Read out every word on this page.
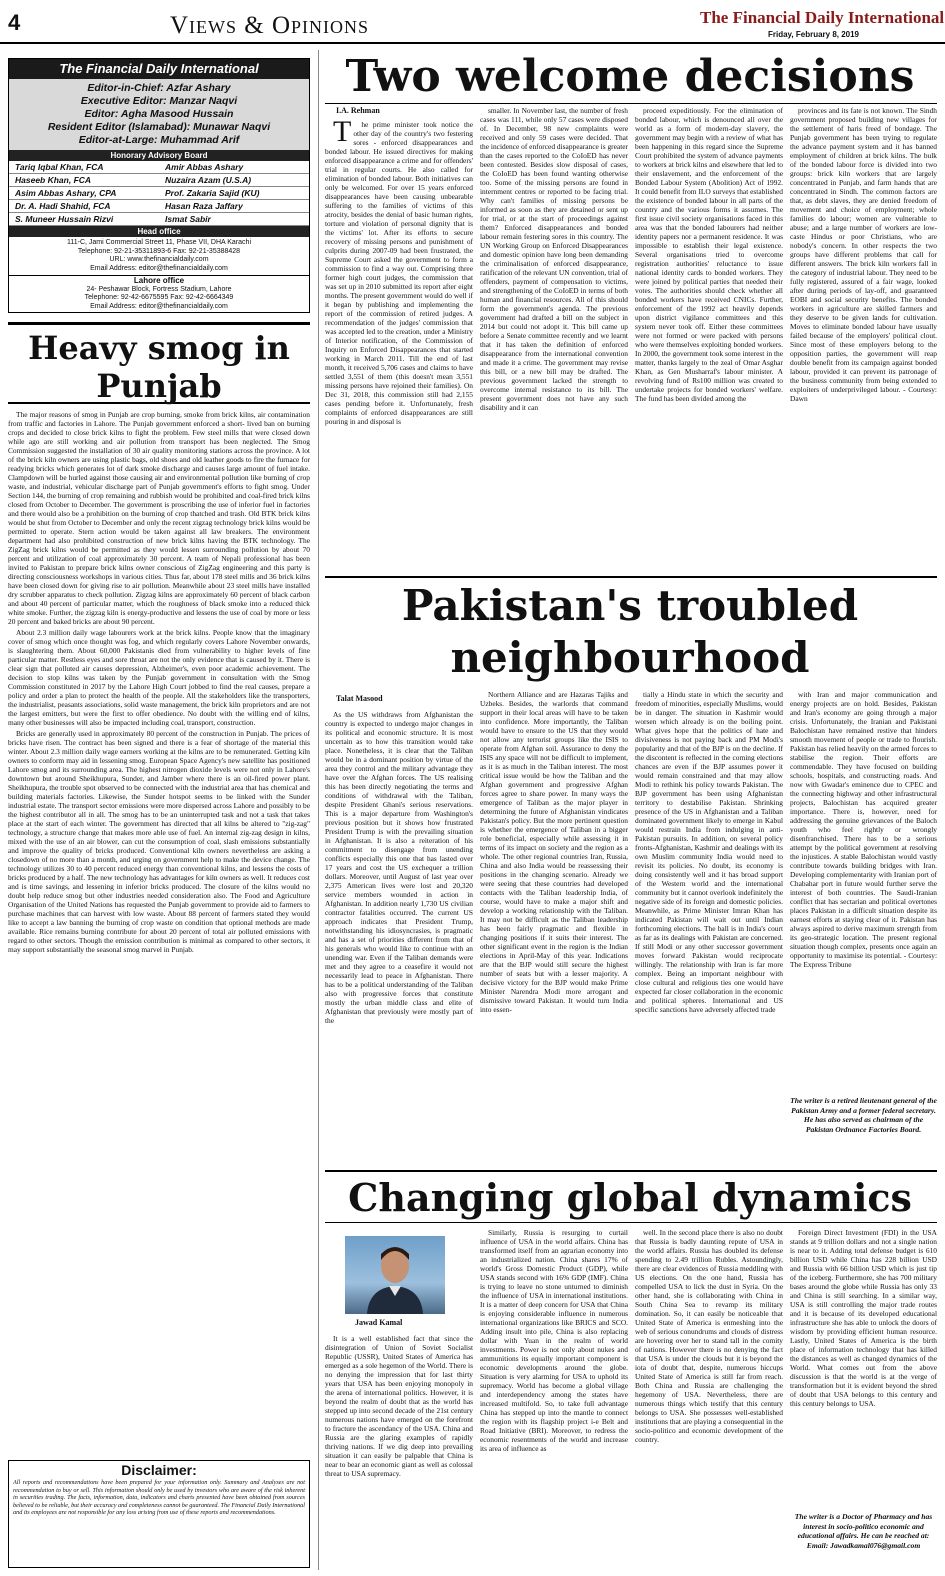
4	Views & Opinions	The Financial Daily International
Friday, February 8, 2019
The Financial Daily International
Editor-in-Chief: Azfar Ashary
Executive Editor: Manzar Naqvi
Editor: Agha Masood Hussain
Resident Editor (Islamabad): Munawar Naqvi
Editor-at-Large: Muhammad Arif
Honorary Advisory Board
Tariq Iqbal Khan, FCA	Amir Abbas Ashary
Haseeb Khan, FCA	Nuzaira Azam (U.S.A)
Asim Abbas Ashary, CPA	Prof. Zakaria Sajid (KU)
Dr. A. Hadi Shahid, FCA	Hasan Raza Jaffary
S. Muneer Hussain Rizvi	Ismat Sabir
Head office
111-C, Jami Commercial Street 11, Phase VII, DHA Karachi
Telephone: 92-21-35311893-6 Fax: 92-21-35388428
URL: www.thefinancialdaily.com
Email Address: editor@thefinancialdaily.com
Lahore office
24- Peshawar Block, Fortress Stadium, Lahore
Telephone: 92-42-6675595 Fax: 92-42-6664349
Email Address: editor@thefinancialdaily.com
Heavy smog in Punjab

The major reasons of smog in Punjab are crop burning, smoke from brick kilns, air contamination from traffic and factories in Lahore. The Punjab government enforced a short- lived ban on burning crops and decided to close brick kilns to fight the problem. Few steel mills that were closed down while ago are still working and air pollution from transport has been neglected. The Smog Commission suggested the installation of 30 air quality monitoring stations across the province. A lot of the brick kiln owners are using plastic bags, old shoes and old leather goods to fire the furnace for readying bricks which generates lot of dark smoke discharge and causes large amount of fuel intake. Clampdown will be hurled against those causing air and environmental pollution like burning of crop waste, and industrial, vehicular discharge part of Punjab government's efforts to fight smog. Under Section 144, the burning of crop remaining and rubbish would be prohibited and coal-fired brick kilns closed from October to December. The government is proscribing the use of inferior fuel in factories and there would also be a prohibition on the burning of crop thatched and trash. Old BTK brick kilns would be shut from October to December and only the recent zigzag technology brick kilns would be permitted to operate. Stern action would be taken against all law breakers. The environment department had also prohibited construction of new brick kilns having the BTK technology. The ZigZag brick kilns would be permitted as they would lessen surrounding pollution by about 70 percent and utilization of coal approximately 30 percent. A team of Nepali professional has been invited to Pakistan to prepare brick kilns owner conscious of ZigZag engineering and this party is directing consciousness workshops in various cities. Thus far, about 178 steel mills and 36 brick kilns have been closed down for giving rise to air pollution. Meanwhile about 23 steel mills have installed dry scrubber apparatus to check pollution. Zigzag kilns are approximately 60 percent of black carbon and about 40 percent of particular matter, which the roughness of black smoke into a reduced thick white smoke. Further, the zigzag kiln is energy-productive and lessens the use of coal by more or less 20 percent and baked bricks are about 90 percent.

About 2.3 million daily wage labourers work at the brick kilns. People know that the imaginary cover of smog which once thought was fog, and which regularly covers Lahore November onwards, is slaughtering them. About 60,000 Pakistanis died from vulnerability to higher levels of fine particular matter. Restless eyes and sore throat are not the only evidence that is caused by it. There is clear sign that polluted air causes depression, Alzheimer's, even poor academic achievement. The decision to stop kilns was taken by the Punjab government in consultation with the Smog Commission constituted in 2017 by the Lahore High Court jobbed to find the real causes, prepare a policy and order a plan to protect the health of the people. All the stakeholders like the transporters, the industrialist, peasants associations, solid waste management, the brick kiln proprietors and are not the largest emitters, but were the first to offer obedience. No doubt with the willing end of kilns, many other businesses will also be impacted including coal, transport, construction.

Bricks are generally used in approximately 80 percent of the construction in Punjab. The prices of bricks have risen. The contract has been signed and there is a fear of shortage of the material this winter. About 2.3 million daily wage earners working at the kilns are to be remunerated. Getting kiln owners to conform may aid in lessening smog. European Space Agency's new satellite has positioned Lahore smog and its surrounding area. The highest nitrogen dioxide levels were not only in Lahore's downtown but around Sheikhupura, Sunder, and Jamber where there is an oil-fired power plant. Sheikhupura, the trouble spot observed to be connected with the industrial area that has chemical and building materials factories. Likewise, the Sunder hotspot seems to be linked with the Sunder industrial estate. The transport sector emissions were more dispersed across Lahore and possibly to be the highest contributor all in all. The smog has to be an uninterrupted task and not a task that takes place at the start of each winter. The government has directed that all kilns be altered to "zig-zag" technology, a structure change that makes more able use of fuel. An internal zig-zag design in kilns, mixed with the use of an air blower, can cut the consumption of coal, slash emissions substantially and improve the quality of bricks produced. Conventional kiln owners nevertheless are asking a closedown of no more than a month, and urging on government help to make the device change. The technology utilizes 30 to 40 percent reduced energy than conventional kilns, and lessens the costs of bricks produced by a half. The new technology has advantages for kiln owners as well. It reduces cost and is time savings, and lessening in inferior bricks produced. The closure of the kilns would no doubt help reduce smog but other industries needed consideration also. The Food and Agriculture Organisation of the United Nations has requested the Punjab government to provide aid to farmers to purchase machines that can harvest with low waste. About 88 percent of farmers stated they would like to accept a law banning the burning of crop waste on condition that optional methods are made available. Rice remains burning contribute for about 20 percent of total air polluted emissions with regard to other sectors. Though the emission contribution is minimal as compared to other sectors, it may support substantially the seasonal smog marvel in Punjab.

Disclaimer:
All reports and recommendations have been prepared for your information only. Summary and Analyses are not recommendation to buy or sell. This information should only be used by investors who are aware of the risk inherent in securities trading. The facts, information, data, indicators and charts presented have been obtained from sources believed to be reliable, but their accuracy and completeness cannot be guaranteed. The Financial Daily International and its employees are not responsible for any loss arising from use of these reports and recommendations.
Two welcome decisions
I.A. Rehman

T he prime minister took notice the other day of the country's two festering sores - enforced disappearances and bonded labour. He issued directives for making enforced disappearance a crime and for offenders' trial in regular courts. He also called for elimination of bonded labour. Both initiatives can only be welcomed. For over 15 years enforced disappearances have been causing unbearable suffering to the families of victims of this atrocity, besides the denial of basic human rights, torture and violation of personal dignity that is the victims' lot. After its efforts to secure recovery of missing persons and punishment of culprits during 2007-09 had been frustrated, the Supreme Court asked the government to form a commission to find a way out. Comprising three former high court judges, the commission that was set up in 2010 submitted its report after eight months. The present government would do well if it began by publishing and implementing the report of the commission of retired judges. A recommendation of the judges' commission that was accepted led to the creation, under a Ministry of Interior notification, of the Commission of Inquiry on Enforced Disappearances that started working in March 2011. Till the end of last month, it received 5,706 cases and claims to have settled 3,551 of them (this doesn't mean 3,551 missing persons have rejoined their families). On Dec 31, 2018, this commission still had 2,155 cases pending before it. Unfortunately, fresh complaints of enforced disappearances are still pouring in and disposal is

smaller. In November last, the number of fresh cases was 111, while only 57 cases were disposed of. In December, 98 new complaints were received and only 59 cases were decided. That the incidence of enforced disappearance is greater than the cases reported to the CoIoED has never been contested. Besides slow disposal of cases, the CoIoED has been found wanting otherwise too. Some of the missing persons are found in internment centres or reported to be facing trial. Why can't families of missing persons be informed as soon as they are detained or sent up for trial, or at the start of proceedings against them? Enforced disappearances and bonded labour remain festering sores in this country. The UN Working Group on Enforced Disappearances and domestic opinion have long been demanding the criminalisation of enforced disappearance, ratification of the relevant UN convention, trial of offenders, payment of compensation to victims, and strengthening of the CoIoED in terms of both human and financial resources. All of this should form the government's agenda. The previous government had drafted a bill on the subject in 2014 but could not adopt it. This bill came up before a Senate committee recently and we learnt that it has taken the definition of enforced disappearance from the international convention and made it a crime. The government may revise this bill, or a new bill may be drafted. The previous government lacked the strength to overcome internal resistance to its bill. The present government does not have any such disability and it can

proceed expeditiously. For the elimination of bonded labour, which is denounced all over the world as a form of modern-day slavery, the government may begin with a review of what has been happening in this regard since the Supreme Court prohibited the system of advance payments to workers at brick kilns and elsewhere that led to their enslavement, and the enforcement of the Bonded Labour System (Abolition) Act of 1992. It could benefit from ILO surveys that established the existence of bonded labour in all parts of the country and the various forms it assumes. The first issue civil society organisations faced in this area was that the bonded labourers had neither identity papers nor a permanent residence. It was impossible to establish their legal existence. Several organisations tried to overcome registration authorities' reluctance to issue national identity cards to bonded workers. They were joined by political parties that needed their votes. The authorities should check whether all bonded workers have received CNICs. Further, enforcement of the 1992 act heavily depends upon district vigilance committees and this system never took off. Either these committees were not formed or were packed with persons who were themselves exploiting bonded workers. In 2000, the government took some interest in the matter, thanks largely to the zeal of Omar Asghar Khan, as Gen Musharraf's labour minister. A revolving fund of Rs100 million was created to undertake projects for bonded workers' welfare. The fund has been divided among the

provinces and its fate is not known. The Sindh government proposed building new villages for the settlement of haris freed of bondage. The Punjab government has been trying to regulate the advance payment system and it has banned employment of children at brick kilns. The bulk of the bonded labour force is divided into two groups: brick kiln workers that are largely concentrated in Punjab, and farm hands that are concentrated in Sindh. The common factors are that, as debt slaves, they are denied freedom of movement and choice of employment; whole families do labour; women are vulnerable to abuse; and a large number of workers are low-caste Hindus or poor Christians, who are nobody's concern. In other respects the two groups have different problems that call for different answers. The brick kiln workers fall in the category of industrial labour. They need to be fully registered, assured of a fair wage, looked after during periods of lay-off, and guaranteed EOBI and social security benefits. The bonded workers in agriculture are skilled farmers and they deserve to be given lands for cultivation. Moves to eliminate bonded labour have usually failed because of the employers' political clout. Since most of these employers belong to the opposition parties, the government will reap double benefit from its campaign against bonded labour, provided it can prevent its patronage of the business community from being extended to exploiters of underprivileged labour. - Courtesy: Dawn

Pakistan's troubled
neighbourhood
Talat Masood

As the US withdraws from Afghanistan the country is expected to undergo major changes in its political and economic structure. It is most uncertain as to how this transition would take place. Nonetheless, it is clear that the Taliban would be in a dominant position by virtue of the area they control and the military advantage they have over the Afghan forces. The US realising this has been directly negotiating the terms and conditions of withdrawal with the Taliban, despite President Ghani's serious reservations. This is a major departure from Washington's previous position but it shows how frustrated President Trump is with the prevailing situation in Afghanistan. It is also a reiteration of his commitment to disengage from unending conflicts especially this one that has lasted over 17 years and cost the US exchequer a trillion dollars. Moreover, until August of last year over 2,375 American lives were lost and 20,320 service members wounded in action in Afghanistan. In addition nearly 1,730 US civilian contractor fatalities occurred. The current US approach indicates that President Trump, notwithstanding his idiosyncrasies, is pragmatic and has a set of priorities different from that of his generals who would like to continue with an unending war. Even if the Taliban demands were met and they agree to a ceasefire it would not necessarily lead to peace in Afghanistan. There has to be a political understanding of the Taliban also with progressive forces that constitute mostly the urban middle class and elite of Afghanistan that previously were mostly part of the

Northern Alliance and are Hazaras Tajiks and Uzbeks. Besides, the warlords that command support in their local areas will have to be taken into confidence. More importantly, the Taliban would have to ensure to the US that they would not allow any terrorist groups like the ISIS to operate from Afghan soil. Assurance to deny the ISIS any space will not be difficult to implement, as it is as much in the Taliban interest. The most critical issue would be how the Taliban and the Afghan government and progressive Afghan forces agree to share power. In many ways the emergence of Taliban as the major player in determining the future of Afghanistan vindicates Pakistan's policy. But the more pertinent question is whether the emergence of Taliban in a bigger role beneficial, especially while assessing it in terms of its impact on society and the region as a whole. The other regional countries Iran, Russia, China and also India would be reassessing their positions in the changing scenario. Already we were seeing that these countries had developed contacts with the Taliban leadership India, of course, would have to make a major shift and develop a working relationship with the Taliban. It may not be difficult as the Taliban leadership has been fairly pragmatic and flexible in changing positions if it suits their interest. The other significant event in the region is the Indian elections in April-May of this year. Indications are that the BJP would still secure the highest number of seats but with a lesser majority. A decisive victory for the BJP would make Prime Minister Narendra Modi more arrogant and dismissive toward Pakistan. It would turn India into essen-

tially a Hindu state in which the security and freedom of minorities, especially Muslims, would be in danger. The situation in Kashmir would worsen which already is on the boiling point. What gives hope that the politics of hate and divisiveness is not paying back and PM Modi's popularity and that of the BJP is on the decline. If the discontent is reflected in the coming elections chances are even if the BJP assumes power it would remain constrained and that may allow Modi to rethink his policy towards Pakistan. The BJP government has been using Afghanistan territory to destabilise Pakistan. Shrinking presence of the US in Afghanistan and a Taliban dominated government likely to emerge in Kabul would restrain India from indulging in anti-Pakistan pursuits. In addition, on several policy fronts-Afghanistan, Kashmir and dealings with its own Muslim community India would need to revisit its policies. No doubt, its economy is doing consistently well and it has broad support of the Western world and the international community but it cannot overlook indefinitely the negative side of its foreign and domestic policies. Meanwhile, as Prime Minister Imran Khan has indicated Pakistan will wait out until Indian forthcoming elections. The ball is in India's court as far as its dealings with Pakistan are concerned. If still Modi or any other successor government moves forward Pakistan would reciprocate willingly. The relationship with Iran is far more complex. Being an important neighbour with close cultural and religious ties one would have expected far closer collaboration in the economic and political spheres. International and US specific sanctions have adversely affected trade

with Iran and major communication and energy projects are on hold. Besides, Pakistan and Iran's economy are going through a major crisis. Unfortunately, the Iranian and Pakistani Balochistan have remained restive that hinders smooth movement of people or trade to flourish. Pakistan has relied heavily on the armed forces to stabilise the region. Their efforts are commendable. They have focused on building schools, hospitals, and constructing roads. And now with Gwadar's eminence due to CPEC and the connecting highway and other infrastructural projects, Balochistan has acquired greater importance. There is, however, need for addressing the genuine grievances of the Baloch youth who feel rightly or wrongly disenfranchised. There has to be a serious attempt by the political government at resolving the injustices. A stable Balochistan would vastly contribute towards building bridges with Iran. Developing complementarity with Iranian port of Chabahar port in future would further serve the interest of both countries. The Saudi-Iranian conflict that has sectarian and political overtones places Pakistan in a difficult situation despite its earnest efforts at staying clear of it. Pakistan has always aspired to derive maximum strength from its geo-strategic location. The present regional situation though complex, presents once again an opportunity to maximise its potential. - Courtesy: The Express Tribune

The writer is a retired lieutenant general of the Pakistan Army and a former federal secretary. He has also served as chairman of the Pakistan Ordnance Factories Board.
Changing global dynamics
Jawad Kamal

It is a well established fact that since the disintegration of Union of Soviet Socialist Republic (USSR), United States of America has emerged as a sole hegemon of the World. There is no denying the impression that for last thirty years that USA has been enjoying monopoly in the arena of international politics. However, it is beyond the realm of doubt that as the world has stepped up into second decade of the 21st century numerous nations have emerged on the forefront to fracture the ascendancy of the USA. China and Russia are the glaring examples of rapidly thriving nations. If we dig deep into prevailing situation it can easily be palpable that China is near to bear an economic giant as well as colossal threat to USA supremacy.

Similarly, Russia is resurging to curtail influence of USA in the world affairs. China has transformed itself from an agrarian economy into an industrialized nation. China shares 17% of world's Gross Domestic Product (GDP), while USA stands second with 16% GDP (IMF). China is trying to leave no stone unturned to diminish the influence of USA in international institutions. It is a matter of deep concern for USA that China is enjoying considerable influence in numerous international organizations like BRICS and SCO. Adding insult into pile, China is also replacing dollar with Yuan in the realm of world investments. Power is not only about nukes and ammunitions its equally important component is economic developments around the globe. Situation is very alarming for USA to uphold its supremacy. World has become a global village and interdependency among the states have increased multifold. So, to take full advantage China has stepped up into the mantle to connect the region with its flagship project i-e Belt and Road Initiative (BRI). Moreover, to redress the economic resentments of the world and increase its area of influence as

well. In the second place there is also no doubt that Russia is badly daunting repute of USA in the world affairs. Russia has doubled its defense spending to 2.49 trillion Rubles. Astoundingly, there are clear evidences of Russia meddling with US elections. On the one hand, Russia has compelled USA to lick the dust in Syria. On the other hand, she is collaborating with China in South China Sea to revamp its military domination. So, it can easily be noticeable that United State of America is enmeshing into the web of serious conundrums and clouds of distress are hovering over her to stand tall in the comity of nations. However there is no denying the fact that USA is under the clouds but it is beyond the iota of doubt that, despite, numerous hiccups United State of America is still far from reach. Both China and Russia are challenging the hegemony of USA. Nevertheless, there are numerous things which testify that this century belongs to USA. She possesses well-established institutions that are playing a consequential in the socio-politico and economic development of the country.

Foreign Direct Investment (FDI) in the USA stands at 9 trillion dollars and not a single nation is near to it. Adding total defense budget is 610 billion USD while China has 228 billion USD and Russia with 66 billion USD which is just tip of the iceberg. Furthermore, she has 700 military bases around the globe while Russia has only 33 and China is still searching. In a similar way, USA is still controlling the major trade routes and it is because of its developed educational infrastructure she has able to unlock the doors of wisdom by providing efficient human resource. Lastly, United States of America is the birth place of information technology that has killed the distances as well as changed dynamics of the World. What comes out from the above discussion is that the world is at the verge of transformation but it is evident beyond the shred of doubt that USA belongs to this century and this century belongs to USA.

The writer is a Doctor of Pharmacy and has interest in socio-politico economic and educational affairs. He can be reached at: Email: Jawadkamal076@gmail.com
